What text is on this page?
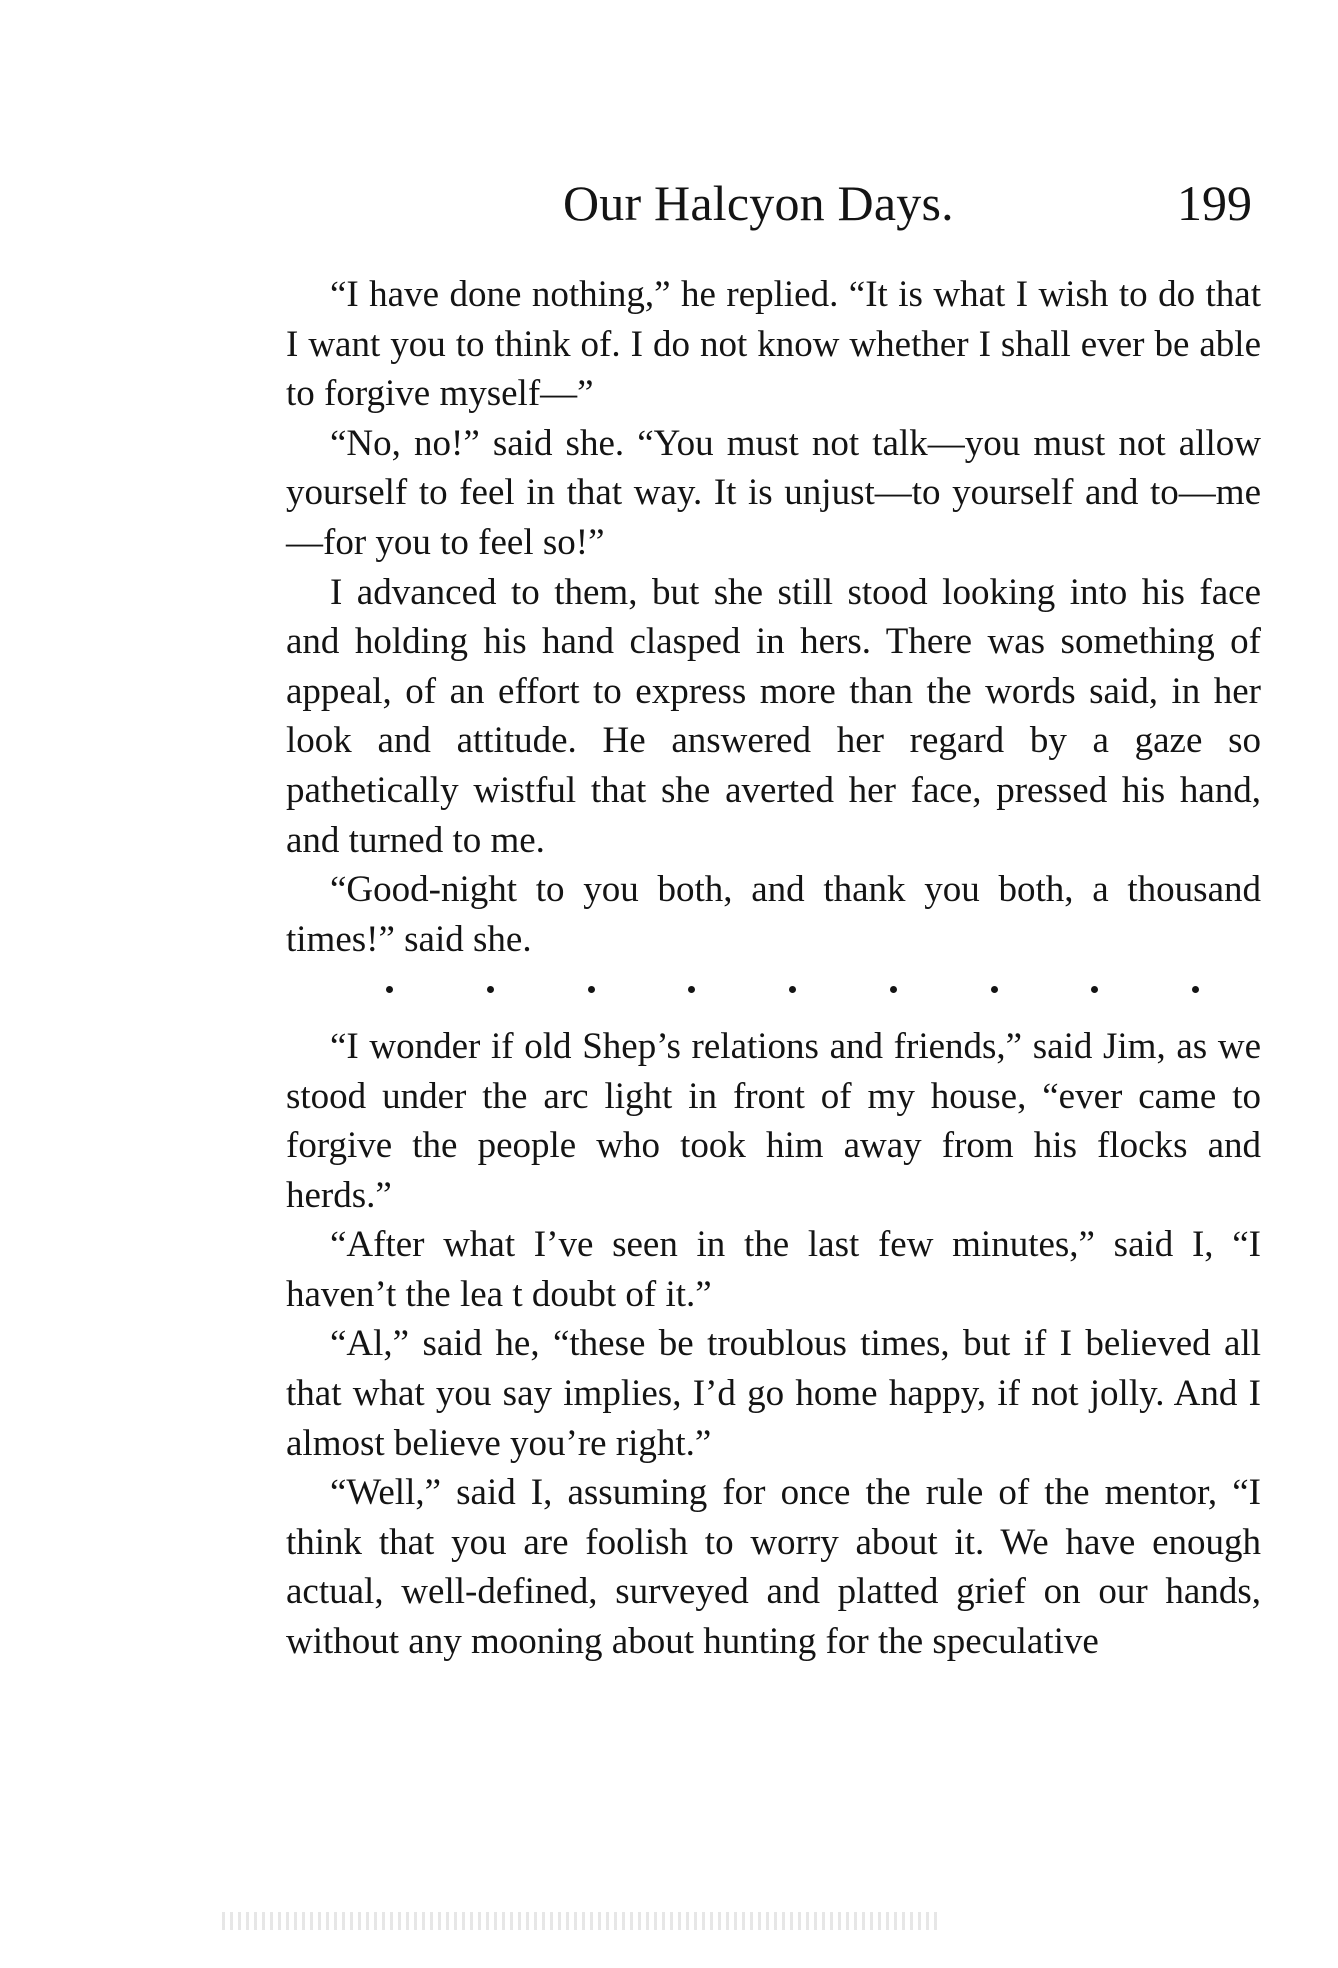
Our Halcyon Days.	199

“I have done nothing,” he replied. “It is what I wish to do that I want you to think of. I do not know whether I shall ever be able to forgive myself—”

“No, no!” said she. “You must not talk—you must not allow yourself to feel in that way. It is unjust—to yourself and to—me—for you to feel so!”

I advanced to them, but she still stood looking into his face and holding his hand clasped in hers. There was something of appeal, of an effort to express more than the words said, in her look and attitude. He answered her regard by a gaze so pathetically wistful that she averted her face, pressed his hand, and turned to me.

“Good-night to you both, and thank you both, a thousand times!” said she.

“I wonder if old Shep’s relations and friends,” said Jim, as we stood under the arc light in front of my house, “ever came to forgive the people who took him away from his flocks and herds.”

“After what I’ve seen in the last few minutes,” said I, “I haven’t the lea t doubt of it.”

“Al,” said he, “these be troublous times, but if I believed all that what you say implies, I’d go home happy, if not jolly. And I almost believe you’re right.”

“Well,” said I, assuming for once the rule of the mentor, “I think that you are foolish to worry about it. We have enough actual, well-defined, surveyed and platted grief on our hands, without any mooning about hunting for the speculative
